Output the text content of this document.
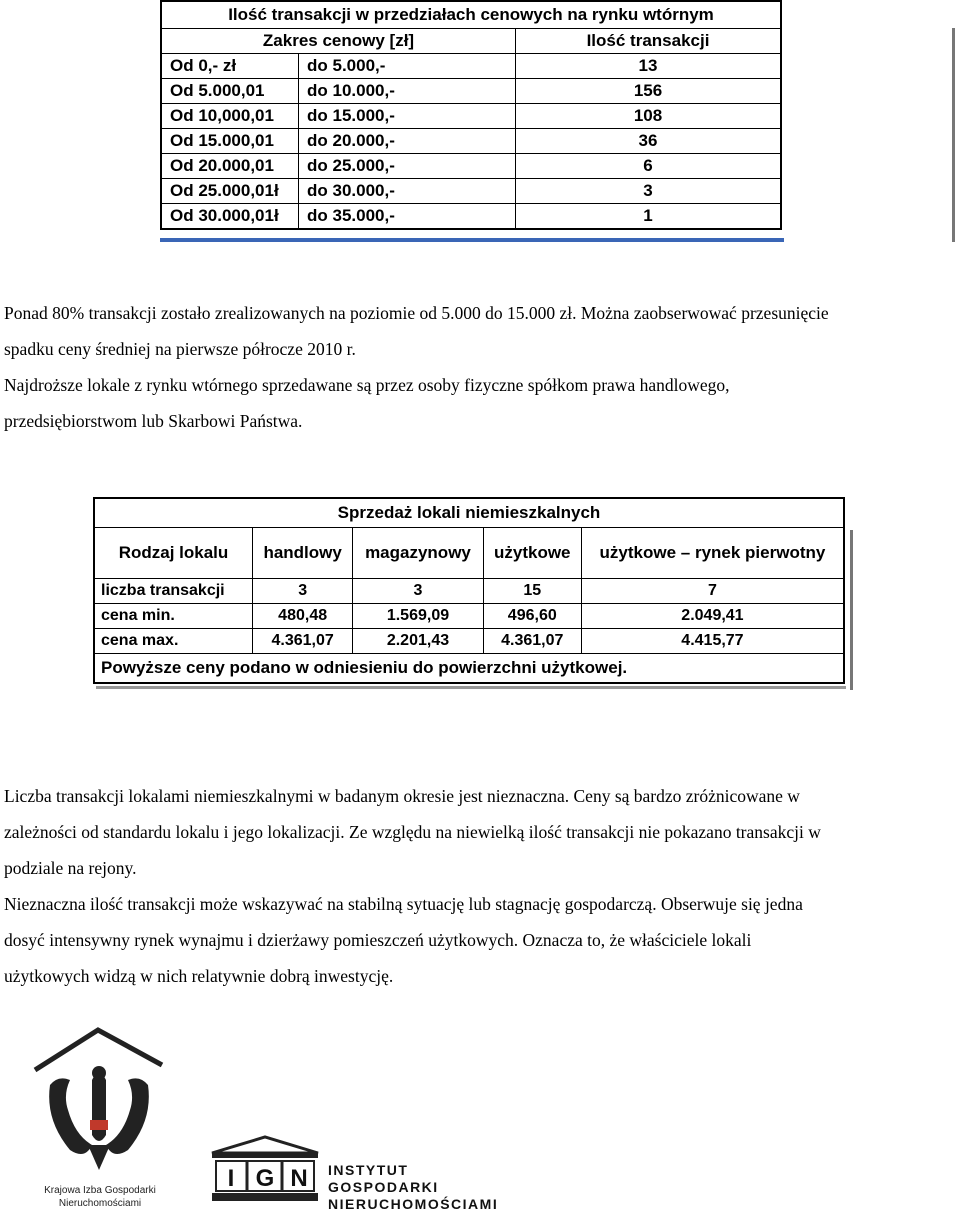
Ilość transakcji w przedziałach cenowych na rynku wtórnym		
Zakres cenowy [zł]		Ilość transakcji
Od 0,- zł	do 5.000,-	13
Od 5.000,01	do 10.000,-	156
Od 10,000,01	do 15.000,-	108
Od 15.000,01	do 20.000,-	36
Od 20.000,01	do 25.000,-	6
Od 25.000,01ł	do 30.000,-	3
Od 30.000,01ł	do 35.000,-	1
Ponad 80% transakcji zostało zrealizowanych na poziomie od 5.000 do 15.000 zł. Można zaobserwować przesunięcie
spadku ceny średniej na pierwsze półrocze 2010 r.
Najdroższe lokale z rynku wtórnego sprzedawane są przez osoby fizyczne spółkom prawa handlowego,
przedsiębiorstwom lub Skarbowi Państwa.
Sprzedaż lokali niemieszkalnych				
Rodzaj lokalu	handlowy	magazynowy	użytkowe	użytkowe – rynek pierwotny
liczba transakcji	3	3	15	7
cena min.	480,48	1.569,09	496,60	2.049,41
cena max.	4.361,07	2.201,43	4.361,07	4.415,77
Powyższe ceny podano w odniesieniu do powierzchni użytkowej.				
Liczba transakcji lokalami niemieszkalnymi w badanym okresie jest nieznaczna. Ceny są bardzo zróżnicowane w
zależności od standardu lokalu i jego lokalizacji. Ze względu na niewielką ilość transakcji nie pokazano transakcji w
podziale na rejony.
Nieznaczna ilość transakcji może wskazywać na stabilną sytuację lub stagnację gospodarczą. Obserwuje się jedna
dosyć intensywny rynek wynajmu i dzierżawy pomieszczeń użytkowych. Oznacza to, że właściciele lokali
użytkowych widzą w nich relatywnie dobrą inwestycję.
Krajowa Izba Gospodarki
Nieruchomościami
I G N INSTYTUT GOSPODARKI
NIERUCHOMOŚCIAMI
